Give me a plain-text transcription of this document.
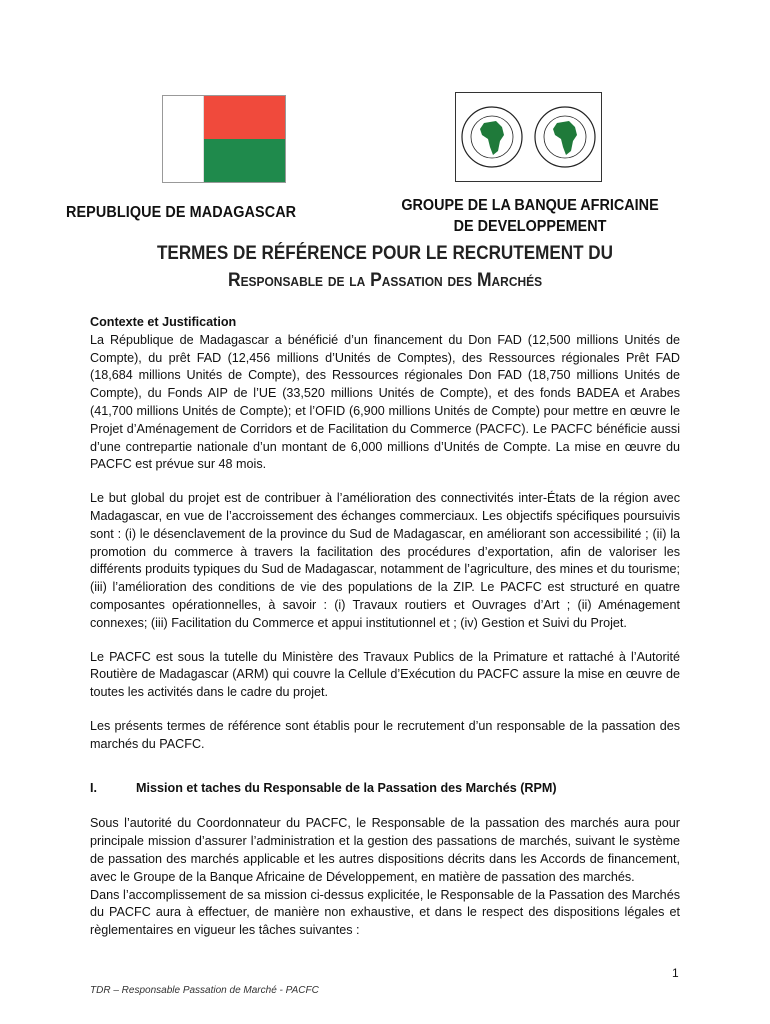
REPUBLIQUE DE MADAGASCAR	GROUPE DE LA BANQUE AFRICAINE
DE DEVELOPPEMENT
TERMES DE RÉFÉRENCE POUR LE RECRUTEMENT DU
Responsable de la Passation des Marchés

Contexte et Justification

La République de Madagascar a bénéficié d’un financement du Don FAD (12,500 millions Unités de Compte), du prêt FAD (12,456 millions d’Unités de Comptes), des Ressources régionales Prêt FAD (18,684 millions Unités de Compte), des Ressources régionales Don FAD (18,750 millions Unités de Compte), du Fonds AIP de l’UE (33,520 millions Unités de Compte), et des fonds BADEA et Arabes (41,700 millions Unités de Compte); et l’OFID (6,900 millions Unités de Compte) pour mettre en œuvre le Projet d’Aménagement de Corridors et de Facilitation du Commerce (PACFC). Le PACFC bénéficie aussi d’une contrepartie nationale d’un montant de 6,000 millions d’Unités de Compte. La mise en œuvre du PACFC est prévue sur 48 mois.

Le but global du projet est de contribuer à l’amélioration des connectivités inter-États de la région avec Madagascar, en vue de l’accroissement des échanges commerciaux. Les objectifs spécifiques poursuivis sont : (i) le désenclavement de la province du Sud de Madagascar, en améliorant son accessibilité ; (ii) la promotion du commerce à travers la facilitation des procédures d’exportation, afin de valoriser les différents produits typiques du Sud de Madagascar, notamment de l’agriculture, des mines et du tourisme; (iii) l’amélioration des conditions de vie des populations de la ZIP. Le PACFC est structuré en quatre composantes opérationnelles, à savoir : (i) Travaux routiers et Ouvrages d’Art ; (ii) Aménagement connexes; (iii) Facilitation du Commerce et appui institutionnel et ; (iv) Gestion et Suivi du Projet.

Le PACFC est sous la tutelle du Ministère des Travaux Publics de la Primature et rattaché à l’Autorité Routière de Madagascar (ARM) qui couvre la Cellule d’Exécution du PACFC assure la mise en œuvre de toutes les activités dans le cadre du projet.

Les présents termes de référence sont établis pour le recrutement d’un responsable de la passation des marchés du PACFC.

I.	Mission et taches du Responsable de la Passation des Marchés (RPM)

Sous l’autorité du Coordonnateur du PACFC, le Responsable de la passation des marchés aura pour principale mission d’assurer l’administration et la gestion des passations de marchés, suivant le système de passation des marchés applicable et les autres dispositions décrits dans les Accords de financement, avec le Groupe de la Banque Africaine de Développement, en matière de passation des marchés.

Dans l’accomplissement de sa mission ci-dessus explicitée, le Responsable de la Passation des Marchés du PACFC aura à effectuer, de manière non exhaustive, et dans le respect des dispositions légales et règlementaires en vigueur les tâches suivantes :

1
TDR – Responsable Passation de Marché - PACFC
